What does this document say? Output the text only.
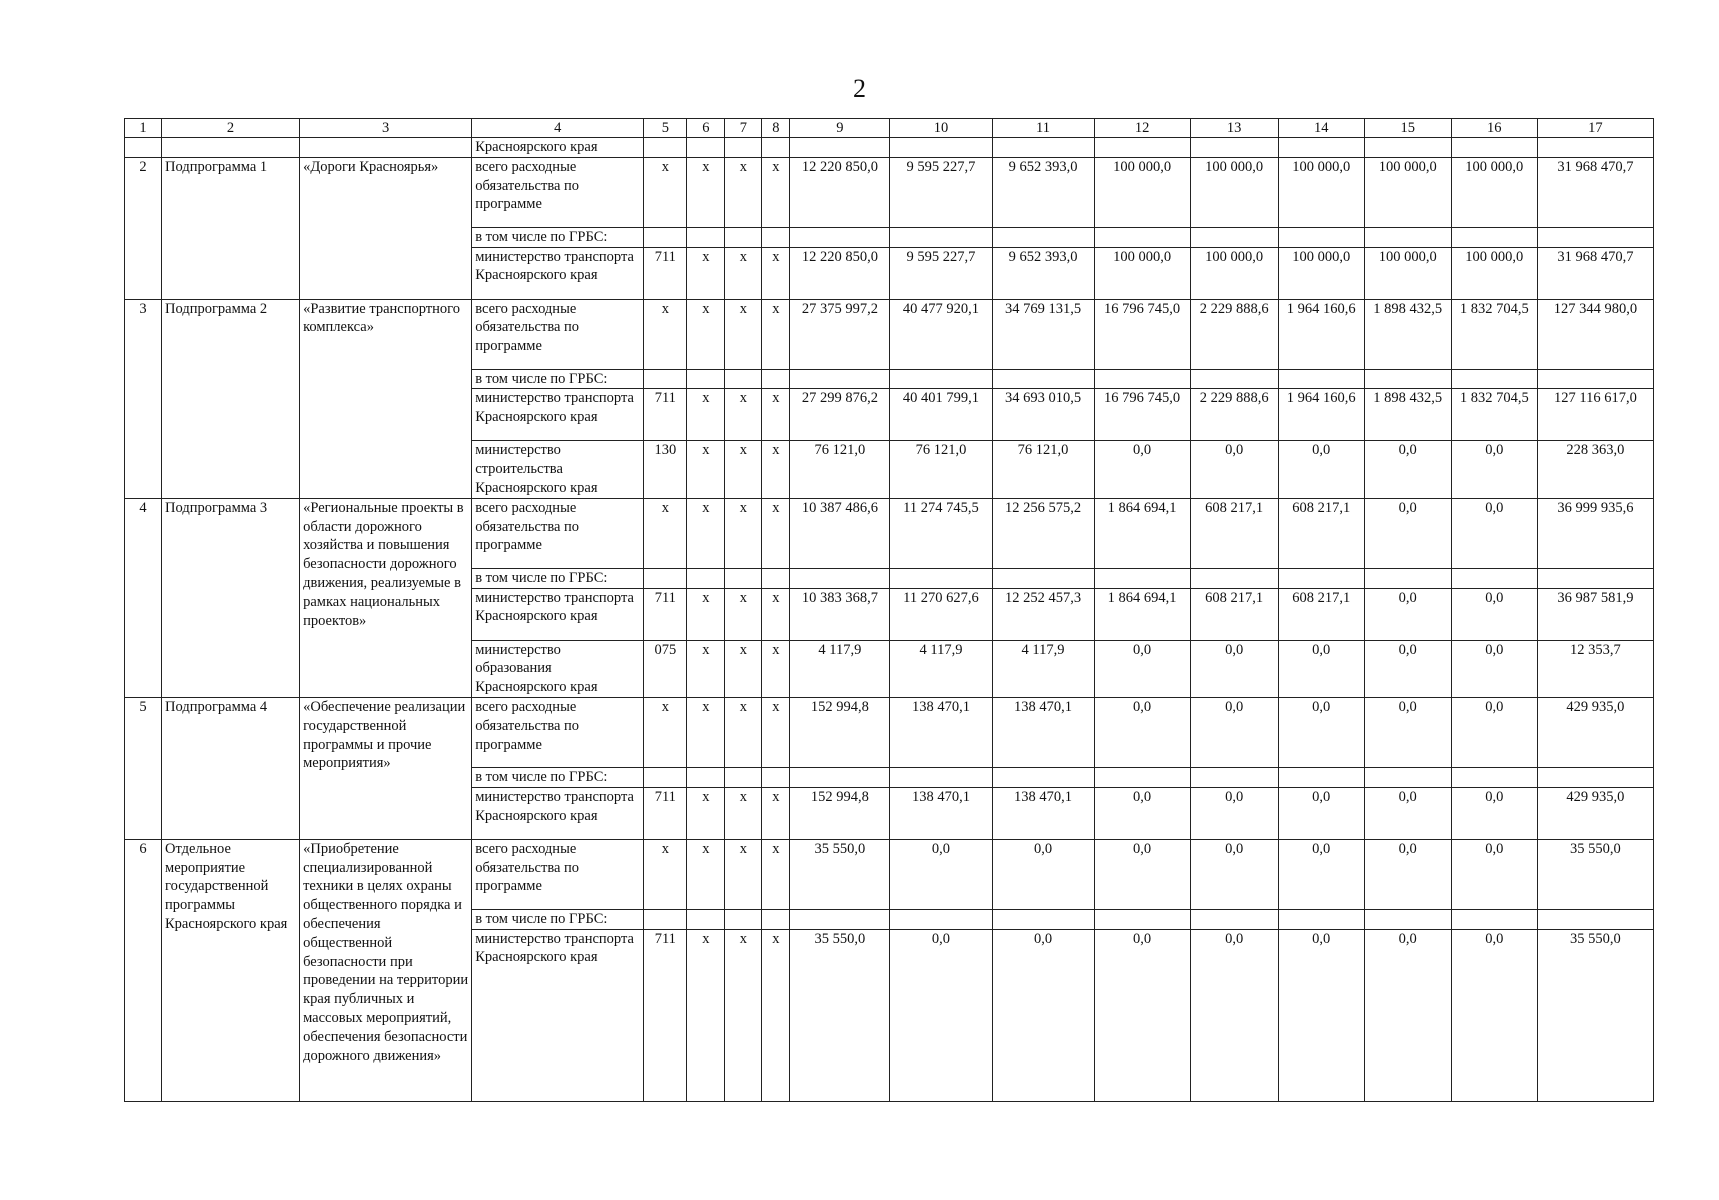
2
1	2	3	4	5	6	7	8	9	10	11	12	13	14	15	16	17
			Красноярского края													
2	Подпрограмма 1	«Дороги Красноярья»	всего расходные обязательства по программе	х	х	х	х	12 220 850,0	9 595 227,7	9 652 393,0	100 000,0	100 000,0	100 000,0	100 000,0	100 000,0	31 968 470,7
			в том числе по ГРБС:													
			министерство транспорта Красноярского края	711	х	х	х	12 220 850,0	9 595 227,7	9 652 393,0	100 000,0	100 000,0	100 000,0	100 000,0	100 000,0	31 968 470,7
3	Подпрограмма 2	«Развитие транспортного комплекса»	всего расходные обязательства по программе	х	х	х	х	27 375 997,2	40 477 920,1	34 769 131,5	16 796 745,0	2 229 888,6	1 964 160,6	1 898 432,5	1 832 704,5	127 344 980,0
			в том числе по ГРБС:													
			министерство транспорта Красноярского края	711	х	х	х	27 299 876,2	40 401 799,1	34 693 010,5	16 796 745,0	2 229 888,6	1 964 160,6	1 898 432,5	1 832 704,5	127 116 617,0
			министерство строительства Красноярского края	130	х	х	х	76 121,0	76 121,0	76 121,0	0,0	0,0	0,0	0,0	0,0	228 363,0
4	Подпрограмма 3	«Региональные проекты в области дорожного хозяйства и повышения безопасности дорожного движения, реализуемые в рамках национальных проектов»	всего расходные обязательства по программе	х	х	х	х	10 387 486,6	11 274 745,5	12 256 575,2	1 864 694,1	608 217,1	608 217,1	0,0	0,0	36 999 935,6
			в том числе по ГРБС:													
			министерство транспорта Красноярского края	711	х	х	х	10 383 368,7	11 270 627,6	12 252 457,3	1 864 694,1	608 217,1	608 217,1	0,0	0,0	36 987 581,9
			министерство образования Красноярского края	075	х	х	х	4 117,9	4 117,9	4 117,9	0,0	0,0	0,0	0,0	0,0	12 353,7
5	Подпрограмма 4	«Обеспечение реализации государственной программы и прочие мероприятия»	всего расходные обязательства по программе	х	х	х	х	152 994,8	138 470,1	138 470,1	0,0	0,0	0,0	0,0	0,0	429 935,0
			в том числе по ГРБС:													
			министерство транспорта Красноярского края	711	х	х	х	152 994,8	138 470,1	138 470,1	0,0	0,0	0,0	0,0	0,0	429 935,0
6	Отдельное мероприятие государственной программы Красноярского края	«Приобретение специализированной техники в целях охраны общественного порядка и обеспечения общественной безопасности при проведении на территории края публичных и массовых мероприятий, обеспечения безопасности дорожного движения»	всего расходные обязательства по программе	х	х	х	х	35 550,0	0,0	0,0	0,0	0,0	0,0	0,0	0,0	35 550,0
			в том числе по ГРБС:													
			министерство транспорта Красноярского края	711	х	х	х	35 550,0	0,0	0,0	0,0	0,0	0,0	0,0	0,0	35 550,0
